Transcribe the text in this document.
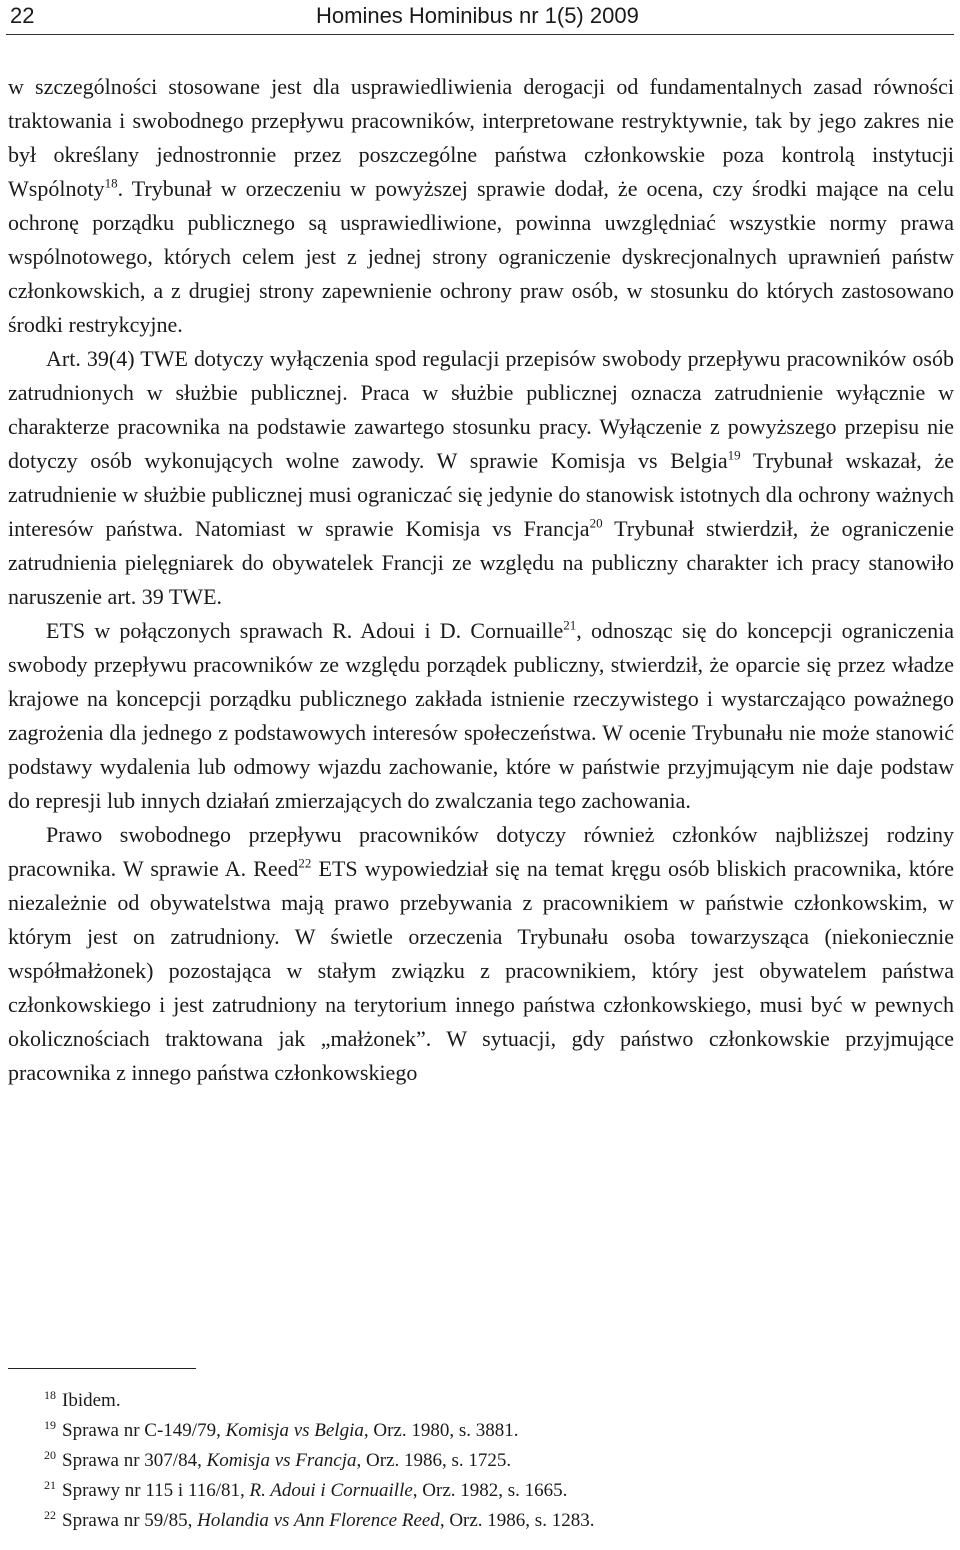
22	Homines Hominibus nr 1(5) 2009

w szczególności stosowane jest dla usprawiedliwienia derogacji od fundamentalnych zasad równości traktowania i swobodnego przepływu pracowników, interpretowane restryktywnie, tak by jego zakres nie był określany jednostronnie przez poszczególne państwa członkowskie poza kontrolą instytucji Wspólnoty$^{18}$. Trybunał w orzeczeniu w powyższej sprawie dodał, że ocena, czy środki mające na celu ochronę porządku publicznego są usprawiedliwione, powinna uwzględniać wszystkie normy prawa wspólnotowego, których celem jest z jednej strony ograniczenie dyskrecjonalnych uprawnień państw członkowskich, a z drugiej strony zapewnienie ochrony praw osób, w stosunku do których zastosowano środki restrykcyjne.

Art. 39(4) TWE dotyczy wyłączenia spod regulacji przepisów swobody przepływu pracowników osób zatrudnionych w służbie publicznej. Praca w służbie publicznej oznacza zatrudnienie wyłącznie w charakterze pracownika na podstawie zawartego stosunku pracy. Wyłączenie z powyższego przepisu nie dotyczy osób wykonujących wolne zawody. W sprawie Komisja vs Belgia$^{19}$ Trybunał wskazał, że zatrudnienie w służbie publicznej musi ograniczać się jedynie do stanowisk istotnych dla ochrony ważnych interesów państwa. Natomiast w sprawie Komisja vs Francja$^{20}$ Trybunał stwierdził, że ograniczenie zatrudnienia pielęgniarek do obywatelek Francji ze względu na publiczny charakter ich pracy stanowiło naruszenie art. 39 TWE.

ETS w połączonych sprawach R. Adoui i D. Cornuaille$^{21}$, odnosząc się do koncepcji ograniczenia swobody przepływu pracowników ze względu porządek publiczny, stwierdził, że oparcie się przez władze krajowe na koncepcji porządku publicznego zakłada istnienie rzeczywistego i wystarczająco poważnego zagrożenia dla jednego z podstawowych interesów społeczeństwa. W ocenie Trybunału nie może stanowić podstawy wydalenia lub odmowy wjazdu zachowanie, które w państwie przyjmującym nie daje podstaw do represji lub innych działań zmierzających do zwalczania tego zachowania.

Prawo swobodnego przepływu pracowników dotyczy również członków najbliższej rodziny pracownika. W sprawie A. Reed$^{22}$ ETS wypowiedział się na temat kręgu osób bliskich pracownika, które niezależnie od obywatelstwa mają prawo przebywania z pracownikiem w państwie członkowskim, w którym jest on zatrudniony. W świetle orzeczenia Trybunału osoba towarzysząca (niekoniecznie współmałżonek) pozostająca w stałym związku z pracownikiem, który jest obywatelem państwa członkowskiego i jest zatrudniony na terytorium innego państwa członkowskiego, musi być w pewnych okolicznościach traktowana jak „małżonek”. W sytuacji, gdy państwo członkowskie przyjmujące pracownika z innego państwa członkowskiego

$^{18}$ Ibidem.
$^{19}$ Sprawa nr C-149/79, Komisja vs Belgia, Orz. 1980, s. 3881.
$^{20}$ Sprawa nr 307/84, Komisja vs Francja, Orz. 1986, s. 1725.
$^{21}$ Sprawy nr 115 i 116/81, R. Adoui i Cornuaille, Orz. 1982, s. 1665.
$^{22}$ Sprawa nr 59/85, Holandia vs Ann Florence Reed, Orz. 1986, s. 1283.
